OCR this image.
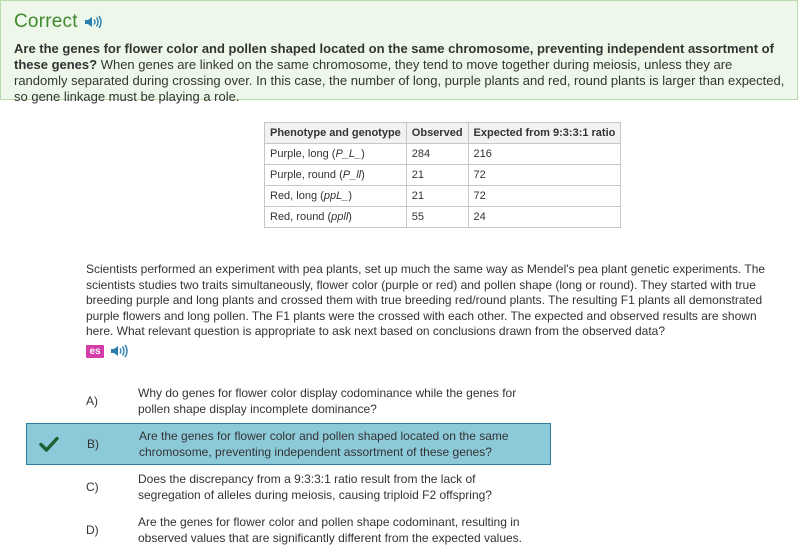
Correct
Are the genes for flower color and pollen shaped located on the same chromosome, preventing independent assortment of these genes? When genes are linked on the same chromosome, they tend to move together during meiosis, unless they are randomly separated during crossing over. In this case, the number of long, purple plants and red, round plants is larger than expected, so gene linkage must be playing a role.
Phenotype and genotype	Observed	Expected from 9:3:3:1 ratio
Purple, long (P_L_)	284	216
Purple, round (P_ll)	21	72
Red, long (ppL_)	21	72
Red, round (ppll)	55	24
Scientists performed an experiment with pea plants, set up much the same way as Mendel's pea plant genetic experiments. The scientists studies two traits simultaneously, flower color (purple or red) and pollen shape (long or round). They started with true breeding purple and long plants and crossed them with true breeding red/round plants. The resulting F1 plants all demonstrated purple flowers and long pollen. The F1 plants were the crossed with each other. The expected and observed results are shown here. What relevant question is appropriate to ask next based on conclusions drawn from the observed data?
es
A)
Why do genes for flower color display codominance while the genes for pollen shape display incomplete dominance?
B)
Are the genes for flower color and pollen shaped located on the same chromosome, preventing independent assortment of these genes?
C)
Does the discrepancy from a 9:3:3:1 ratio result from the lack of segregation of alleles during meiosis, causing triploid F2 offspring?
D)
Are the genes for flower color and pollen shape codominant, resulting in observed values that are significantly different from the expected values.
